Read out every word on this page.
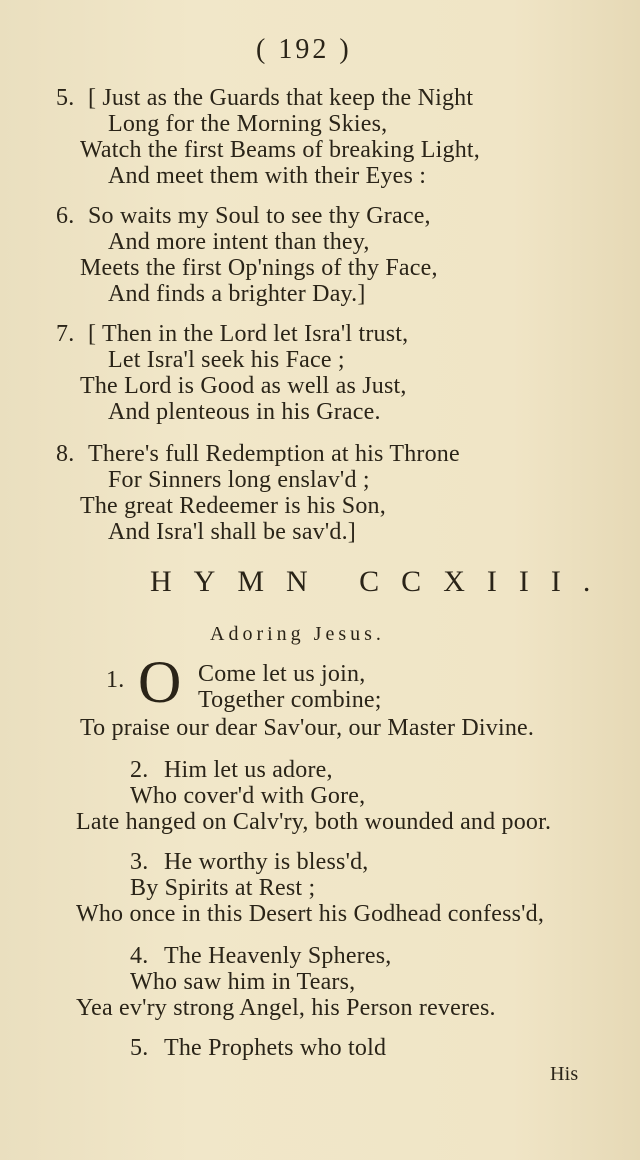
( 192 )
5. [ Just as the Guards that keep the Night
Long for the Morning Skies,
Watch the first Beams of breaking Light,
And meet them with their Eyes :
6. So waits my Soul to see thy Grace,
And more intent than they,
Meets the first Op'nings of thy Face,
And finds a brighter Day.]
7. [ Then in the Lord let Isra'l trust,
Let Isra'l seek his Face ;
The Lord is Good as well as Just,
And plenteous in his Grace.
8. There's full Redemption at his Throne
For Sinners long enslav'd ;
The great Redeemer is his Son,
And Isra'l shall be sav'd.]
HYMN CCXIII.
Adoring Jesus.
1. O Come let us join,
Together combine;
To praise our dear Sav'our, our Master Divine.
2. Him let us adore,
Who cover'd with Gore,
Late hanged on Calv'ry, both wounded and poor.
3. He worthy is bless'd,
By Spirits at Rest ;
Who once in this Desert his Godhead confess'd,
4. The Heavenly Spheres,
Who saw him in Tears,
Yea ev'ry strong Angel, his Person reveres.
5. The Prophets who told
His
